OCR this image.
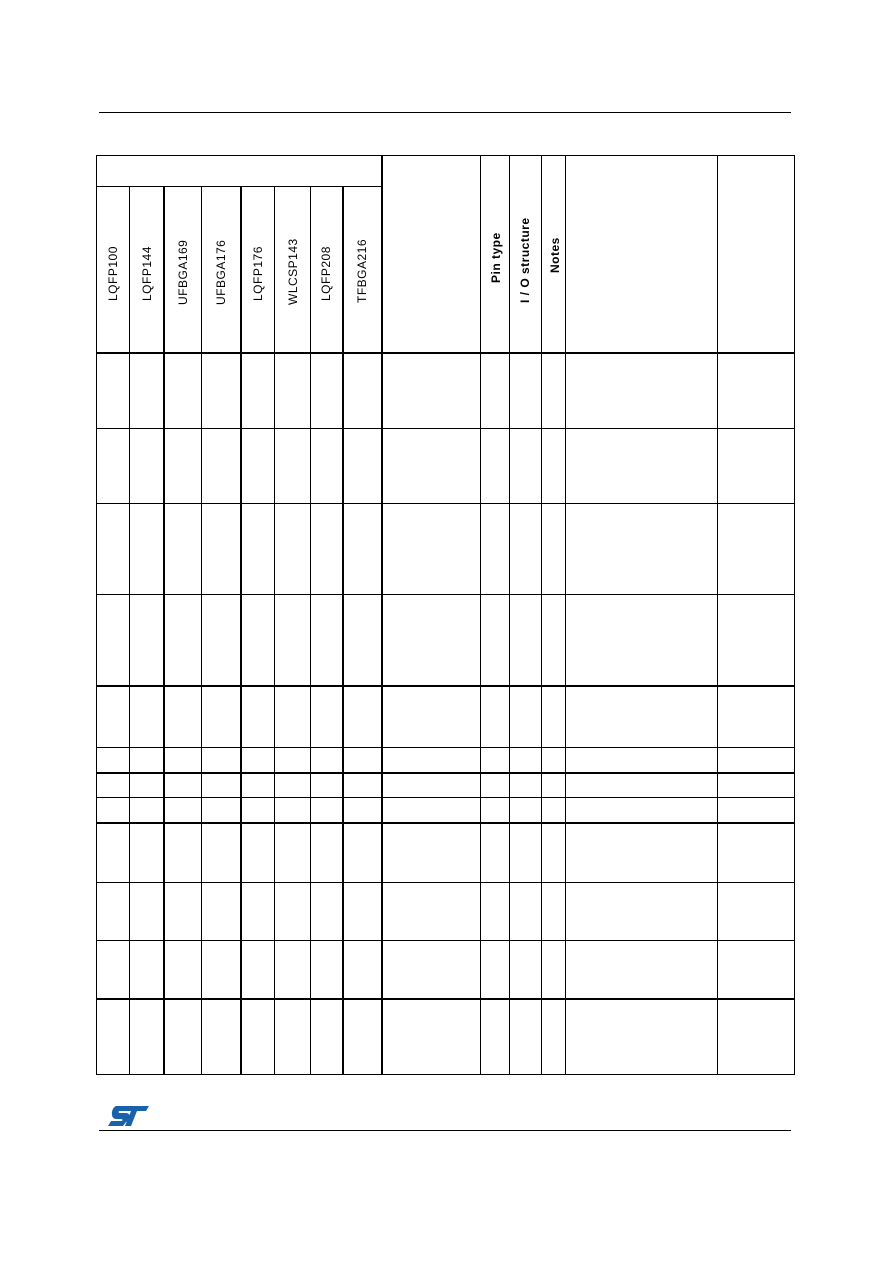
LQFP100 LQFP144 UFBGA169 UFBGA176 LQFP176 WLCSP143 LQFP208 TFBGA216	Pin type I / O structure Notes
